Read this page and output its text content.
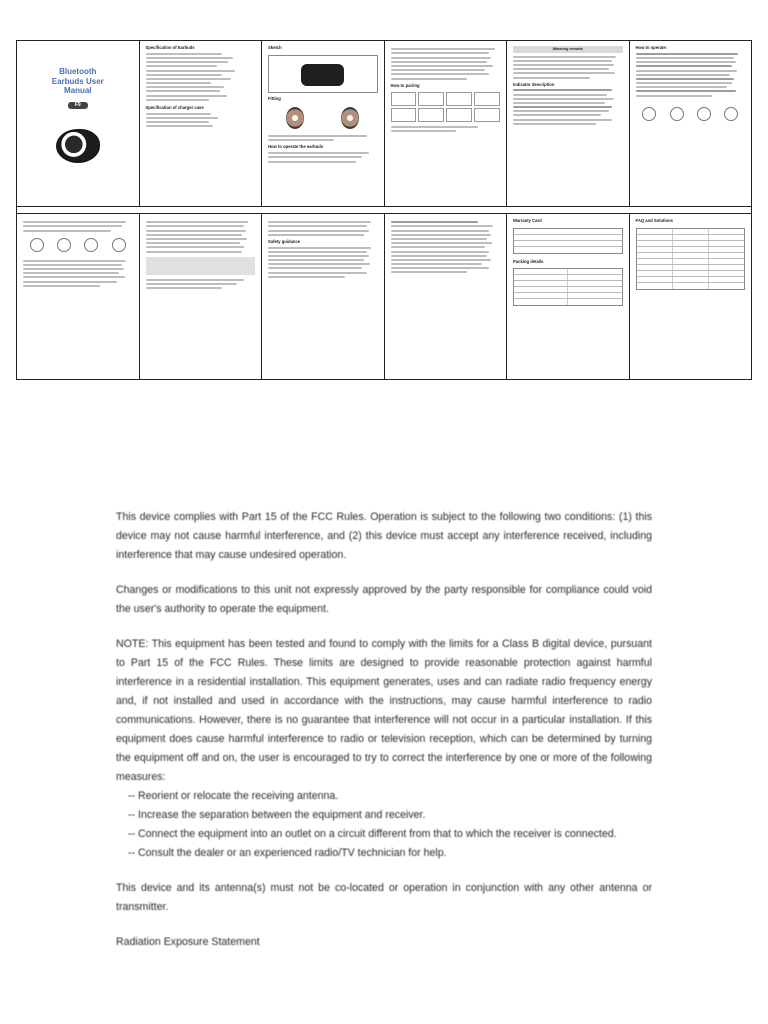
Bluetooth Earbuds User Manual
F9
Specification of Earbuds
Specification of charger case
Sketch
Fitting
How to operate the earbuds
How to pairing
Warning remote
Indicator description
How to operate:
Safety guidance
Warranty Card
Packing details
FAQ and Solutions

This device complies with Part 15 of the FCC Rules. Operation is subject to the following two conditions: (1) this device may not cause harmful interference, and (2) this device must accept any interference received, including interference that may cause undesired operation.

Changes or modifications to this unit not expressly approved by the party responsible for compliance could void the user's authority to operate the equipment.

NOTE: This equipment has been tested and found to comply with the limits for a Class B digital device, pursuant to Part 15 of the FCC Rules. These limits are designed to provide reasonable protection against harmful interference in a residential installation. This equipment generates, uses and can radiate radio frequency energy and, if not installed and used in accordance with the instructions, may cause harmful interference to radio communications. However, there is no guarantee that interference will not occur in a particular installation. If this equipment does cause harmful interference to radio or television reception, which can be determined by turning the equipment off and on, the user is encouraged to try to correct the interference by one or more of the following measures:
-- Reorient or relocate the receiving antenna.
-- Increase the separation between the equipment and receiver.
-- Connect the equipment into an outlet on a circuit different from that to which the receiver is connected.
-- Consult the dealer or an experienced radio/TV technician for help.

This device and its antenna(s) must not be co-located or operation in conjunction with any other antenna or transmitter.

Radiation Exposure Statement
